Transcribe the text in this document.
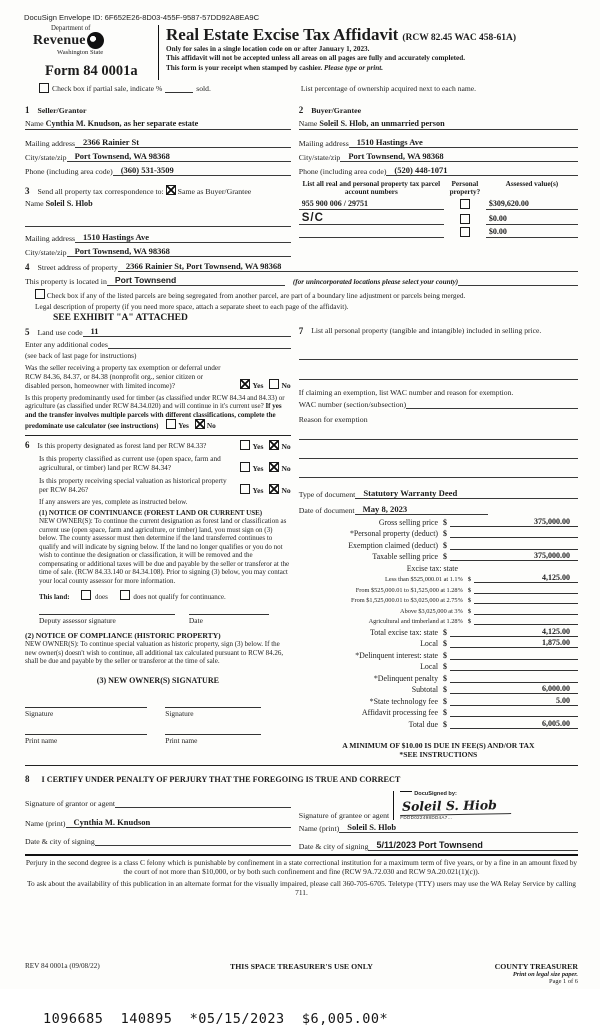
DocuSign Envelope ID: 6F652E26-8D03-455F-9587-57DD92A8EA9C
Department of
Revenue
Washington State
Form 84 0001a
Real Estate Excise Tax Affidavit (RCW 82.45 WAC 458-61A)
Only for sales in a single location code on or after January 1, 2023.
This affidavit will not be accepted unless all areas on all pages are fully and accurately completed.
This form is your receipt when stamped by cashier. Please type or print.
Check box if partial sale, indicate %	sold.	List percentage of ownership acquired next to each name.
1 Seller/Grantor
Name Cynthia M. Knudson, as her separate estate
Mailing address 2366 Rainier St
City/state/zip Port Townsend, WA 98368
Phone (including area code) (360) 531-3509
3 Send all property tax correspondence to: Same as Buyer/Grantee
Name Soleil S. Hlob
Mailing address 1510 Hastings Ave
City/state/zip Port Townsend, WA 98368
2 Buyer/Grantee
Name Soleil S. Hlob, an unmarried person
Mailing address 1510 Hastings Ave
City/state/zip Port Townsend, WA 98368
Phone (including area code) (520) 448-1071
List all real and personal property tax parcel account numbers
Personal property?
Assessed value(s)
955 900 006 / 29751	$309,620.00
S/C	$0.00
$0.00
4 Street address of property 2366 Rainier St, Port Townsend, WA 98368
This property is located in Port Townsend	(for unincorporated locations please select your county)
Check box if any of the listed parcels are being segregated from another parcel, are part of a boundary line adjustment or parcels being merged.
Legal description of property (if you need more space, attach a separate sheet to each page of the affidavit).
SEE EXHIBIT "A" ATTACHED
5 Land use code 11
Enter any additional codes
(see back of last page for instructions)
Was the seller receiving a property tax exemption or deferral under RCW 84.36, 84.37, or 84.38 (nonprofit org., senior citizen or disabled person, homeowner with limited income)?	Yes No
Is this property predominantly used for timber (as classified under RCW 84.34 and 84.33) or agriculture (as classified under RCW 84.34.020) and will continue in it's current use? If yes and the transfer involves multiple parcels with different classifications, complete the predominate use calculator (see instructions)	Yes No
6 Is this property designated as forest land per RCW 84.33?	Yes No
Is this property classified as current use (open space, farm and agricultural, or timber) land per RCW 84.34?	Yes No
Is this property receiving special valuation as historical property per RCW 84.26?	Yes No
If any answers are yes, complete as instructed below.
(1) NOTICE OF CONTINUANCE (FOREST LAND OR CURRENT USE)
NEW OWNER(S): To continue the current designation as forest land or classification as current use (open space, farm and agriculture, or timber) land, you must sign on (3) below. The county assessor must then determine if the land transferred continues to qualify and will indicate by signing below. If the land no longer qualifies or you do not wish to continue the designation or classification, it will be removed and the compensating or additional taxes will be due and payable by the seller or transferor at the time of sale. (RCW 84.33.140 or 84.34.108). Prior to signing (3) below, you may contact your local county assessor for more information.
This land:	does	does not qualify for continuance.
Deputy assessor signature	Date
(2) NOTICE OF COMPLIANCE (HISTORIC PROPERTY)
NEW OWNER(S): To continue special valuation as historic property, sign (3) below. If the new owner(s) doesn't wish to continue, all additional tax calculated pursuant to RCW 84.26, shall be due and payable by the seller or transferor at the time of sale.
(3) NEW OWNER(S) SIGNATURE
Signature	Signature
Print name	Print name
7 List all personal property (tangible and intangible) included in selling price.
If claiming an exemption, list WAC number and reason for exemption.
WAC number (section/subsection)
Reason for exemption
Type of document Statutory Warranty Deed
Date of document May 8, 2023
Gross selling price $	375,000.00
*Personal property (deduct) $
Exemption claimed (deduct) $
Taxable selling price $	375,000.00
Excise tax: state
Less than $525,000.01 at 1.1% $	4,125.00
From $525,000.01 to $1,525,000 at 1.28% $
From $1,525,000.01 to $3,025,000 at 2.75% $
Above $3,025,000 at 3% $
Agricultural and timberland at 1.28% $
Total excise tax: state $	4,125.00
Local $	1,875.00
*Delinquent interest: state $
Local $
*Delinquent penalty $
Subtotal $	6,000.00
*State technology fee $	5.00
Affidavit processing fee $
Total due $	6,005.00
A MINIMUM OF $10.00 IS DUE IN FEE(S) AND/OR TAX
*SEE INSTRUCTIONS
8 I CERTIFY UNDER PENALTY OF PERJURY THAT THE FOREGOING IS TRUE AND CORRECT
Signature of grantor or agent
Name (print) Cynthia M. Knudson
Date & city of signing
Signature of grantee or agent
DocuSigned by:
Soleil S. Hiob
FDDD022498DD4A7...
Name (print) Soleil S. Hlob
Date & city of signing 5/11/2023 Port Townsend
Perjury in the second degree is a class C felony which is punishable by confinement in a state correctional institution for a maximum term of five years, or by a fine in an amount fixed by the court of not more than $10,000, or by both such confinement and fine (RCW 9A.72.030 and RCW 9A.20.021(1)(c)).
To ask about the availability of this publication in an alternate format for the visually impaired, please call 360-705-6705. Teletype (TTY) users may use the WA Relay Service by calling 711.
REV 84 0001a (09/08/22)	THIS SPACE TREASURER'S USE ONLY	COUNTY TREASURER
Print on legal size paper.
Page 1 of 6
1096685  140895  *05/15/2023  $6,005.00*
